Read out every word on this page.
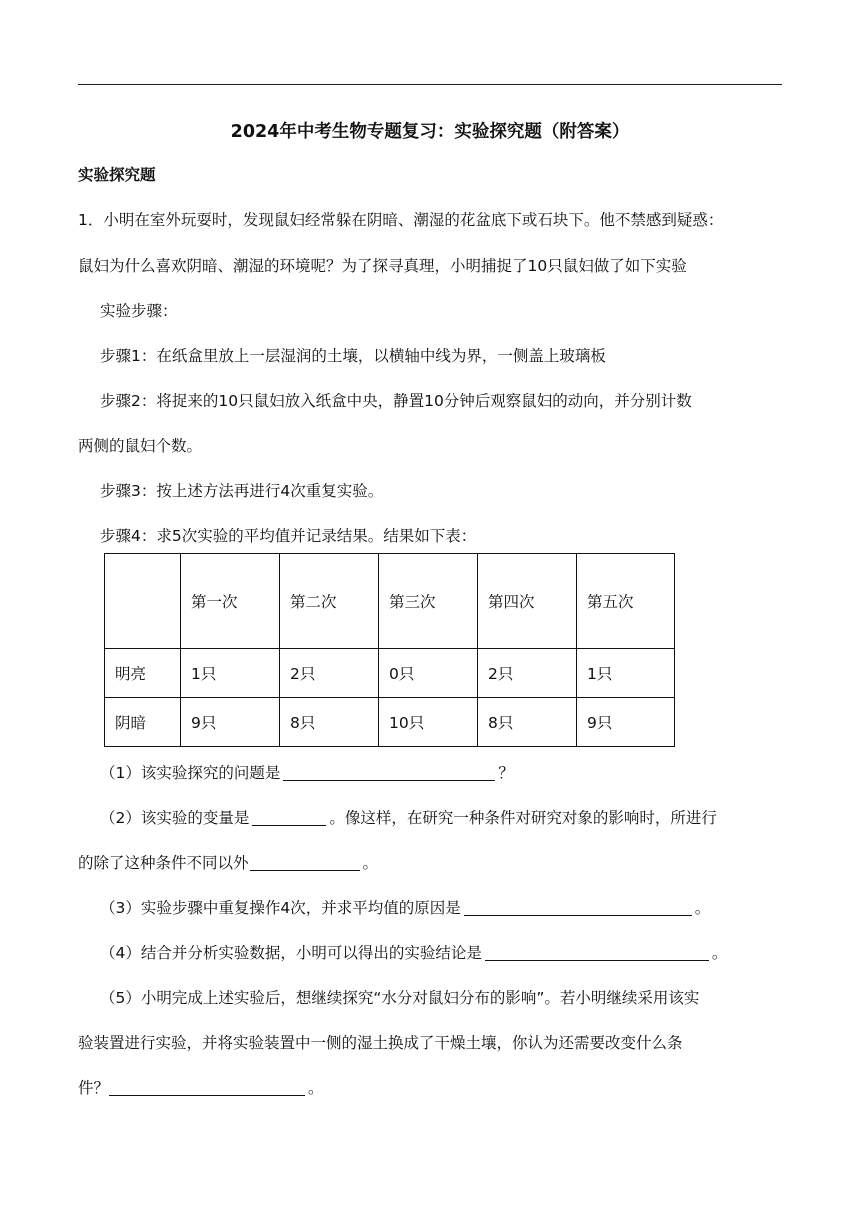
2024年中考生物专题复习：实验探究题（附答案）
实验探究题
1．小明在室外玩耍时，发现鼠妇经常躲在阴暗、潮湿的花盆底下或石块下。他不禁感到疑惑：
鼠妇为什么喜欢阴暗、潮湿的环境呢？为了探寻真理，小明捕捉了10只鼠妇做了如下实验
实验步骤：
步骤1：在纸盒里放上一层湿润的土壤，以横轴中线为界，一侧盖上玻璃板
步骤2：将捉来的10只鼠妇放入纸盒中央，静置10分钟后观察鼠妇的动向，并分别计数
两侧的鼠妇个数。
步骤3：按上述方法再进行4次重复实验。
步骤4：求5次实验的平均值并记录结果。结果如下表：
	第一次	第二次	第三次	第四次	第五次
明亮	1只	2只	0只	2只	1只
阴暗	9只	8只	10只	8只	9只
（1）该实验探究的问题是	？
（2）该实验的变量是	。像这样，在研究一种条件对研究对象的影响时，所进行
的除了这种条件不同以外	。
（3）实验步骤中重复操作4次，并求平均值的原因是	。
（4）结合并分析实验数据，小明可以得出的实验结论是	。
（5）小明完成上述实验后，想继续探究“水分对鼠妇分布的影响”。若小明继续采用该实
验装置进行实验，并将实验装置中一侧的湿土换成了干燥土壤，你认为还需要改变什么条
件？	。
